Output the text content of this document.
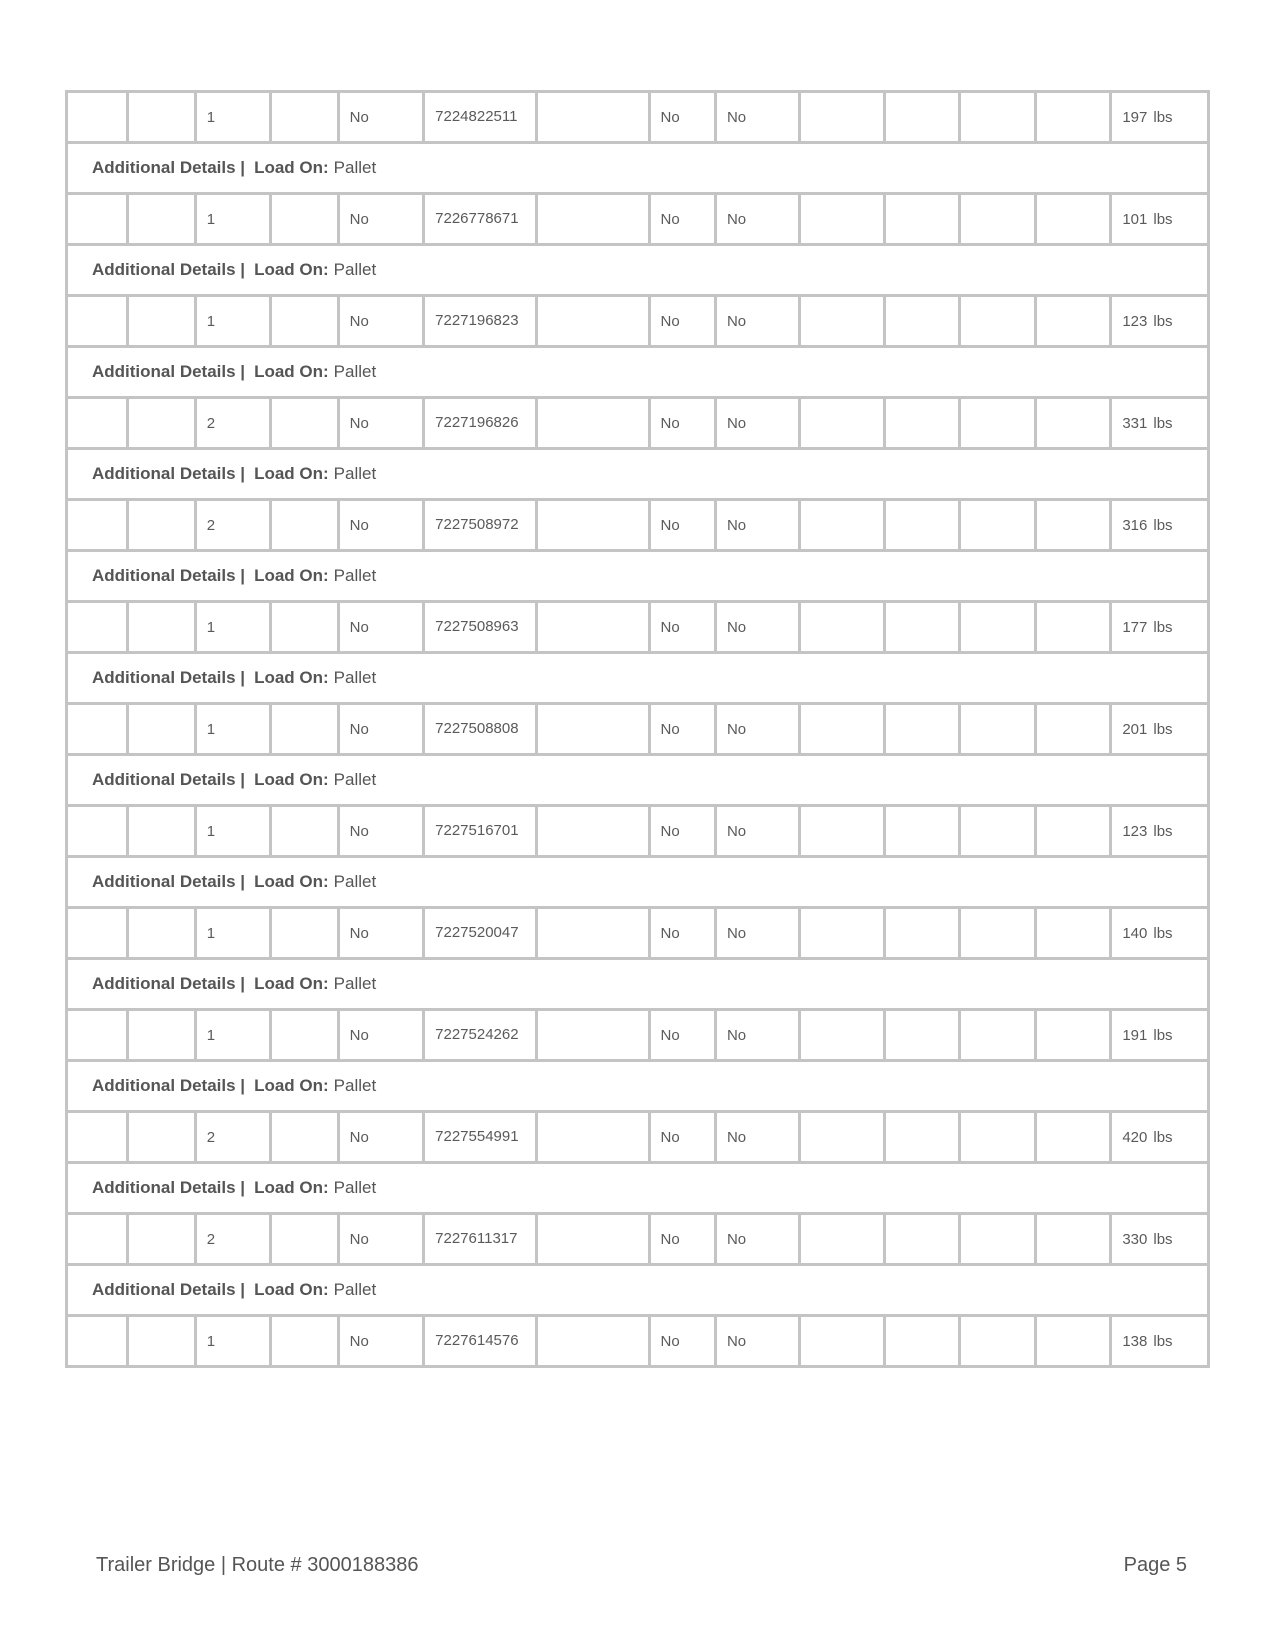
		1		No	7224822511		No	No					197 lbs
Additional Details | Load On: Pallet													
		1		No	7226778671		No	No					101 lbs
Additional Details | Load On: Pallet													
		1		No	7227196823		No	No					123 lbs
Additional Details | Load On: Pallet													
		2		No	7227196826		No	No					331 lbs
Additional Details | Load On: Pallet													
		2		No	7227508972		No	No					316 lbs
Additional Details | Load On: Pallet													
		1		No	7227508963		No	No					177 lbs
Additional Details | Load On: Pallet													
		1		No	7227508808		No	No					201 lbs
Additional Details | Load On: Pallet													
		1		No	7227516701		No	No					123 lbs
Additional Details | Load On: Pallet													
		1		No	7227520047		No	No					140 lbs
Additional Details | Load On: Pallet													
		1		No	7227524262		No	No					191 lbs
Additional Details | Load On: Pallet													
		2		No	7227554991		No	No					420 lbs
Additional Details | Load On: Pallet													
		2		No	7227611317		No	No					330 lbs
Additional Details | Load On: Pallet													
		1		No	7227614576		No	No					138 lbs
Trailer Bridge | Route # 3000188386	Page 5
